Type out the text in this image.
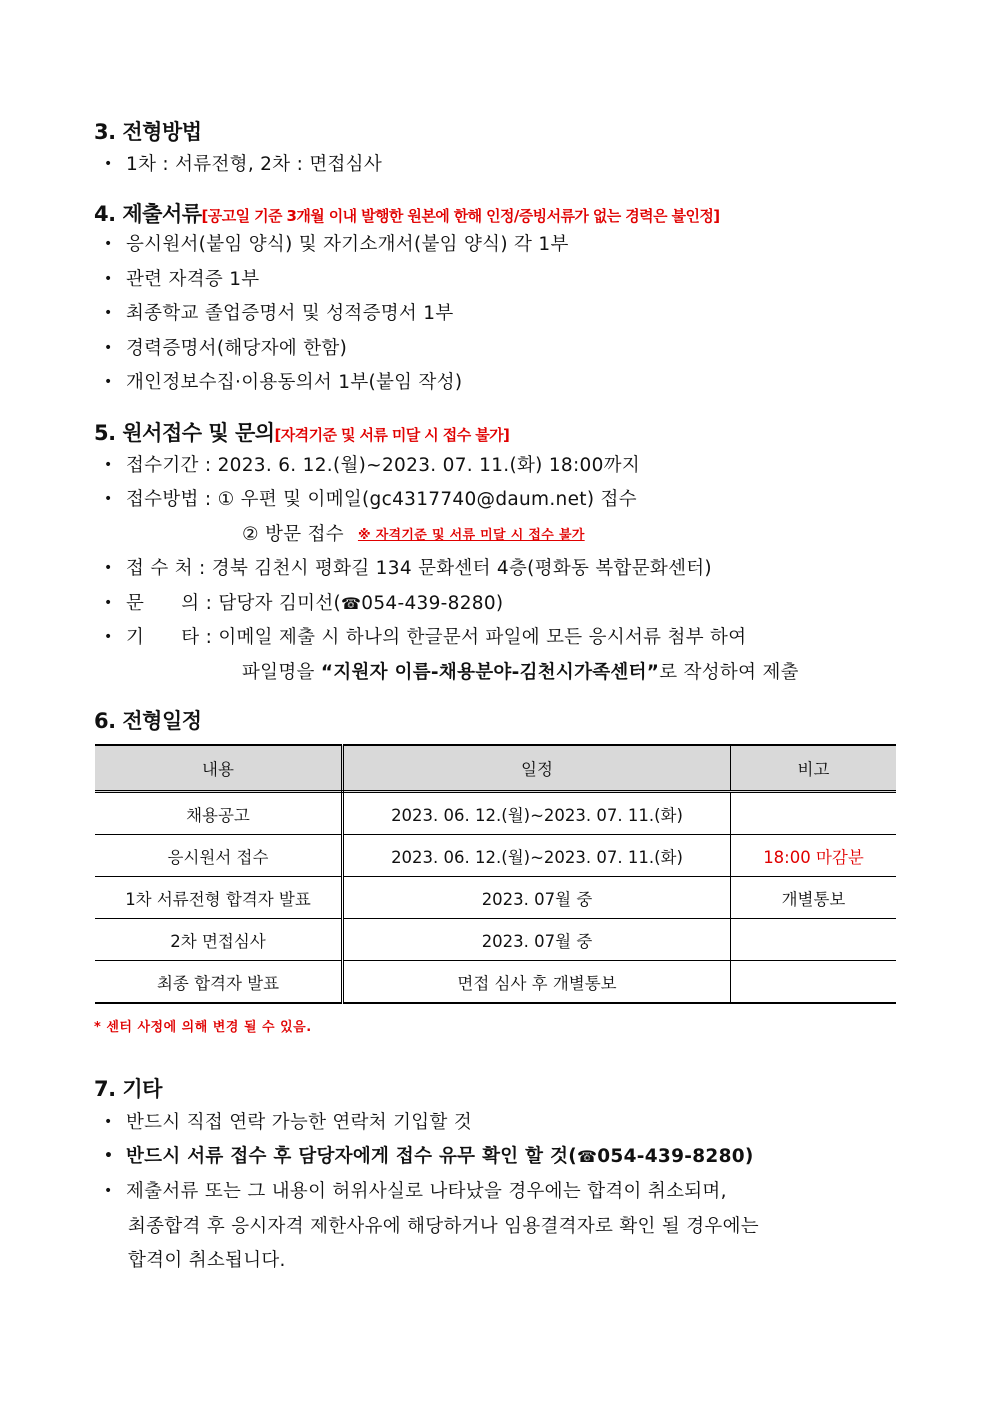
3. 전형방법
• 1차 : 서류전형, 2차 : 면접심사
4. 제출서류[공고일 기준 3개월 이내 발행한 원본에 한해 인정/증빙서류가 없는 경력은 불인정]
• 응시원서(붙임 양식) 및 자기소개서(붙임 양식) 각 1부
• 관련 자격증 1부
• 최종학교 졸업증명서 및 성적증명서 1부
• 경력증명서(해당자에 한함)
• 개인정보수집·이용동의서 1부(붙임 작성)
5. 원서접수 및 문의[자격기준 및 서류 미달 시 접수 불가]
• 접수기간 : 2023. 6. 12.(월)~2023. 07. 11.(화) 18:00까지
• 접수방법 : ① 우편 및 이메일(gc4317740@daum.net) 접수
② 방문 접수 ※ 자격기준 및 서류 미달 시 접수 불가
• 접 수 처 : 경북 김천시 평화길 134 문화센터 4층(평화동 복합문화센터)
• 문      의 : 담당자 김미선(☎054-439-8280)
• 기      타 : 이메일 제출 시 하나의 한글문서 파일에 모든 응시서류 첨부 하여
파일명을 “지원자 이름-채용분야-김천시가족센터”로 작성하여 제출
6. 전형일정
내용	일정	비고
채용공고	2023. 06. 12.(월)~2023. 07. 11.(화)	
응시원서 접수	2023. 06. 12.(월)~2023. 07. 11.(화)	18:00 마감분
1차 서류전형 합격자 발표	2023. 07월 중	개별통보
2차 면접심사	2023. 07월 중	
최종 합격자 발표	면접 심사 후 개별통보	
* 센터 사정에 의해 변경 될 수 있음.
7. 기타
• 반드시 직접 연락 가능한 연락처 기입할 것
• 반드시 서류 접수 후 담당자에게 접수 유무 확인 할 것(☎054-439-8280)
• 제출서류 또는 그 내용이 허위사실로 나타났을 경우에는 합격이 취소되며,
최종합격 후 응시자격 제한사유에 해당하거나 임용결격자로 확인 될 경우에는
합격이 취소됩니다.
